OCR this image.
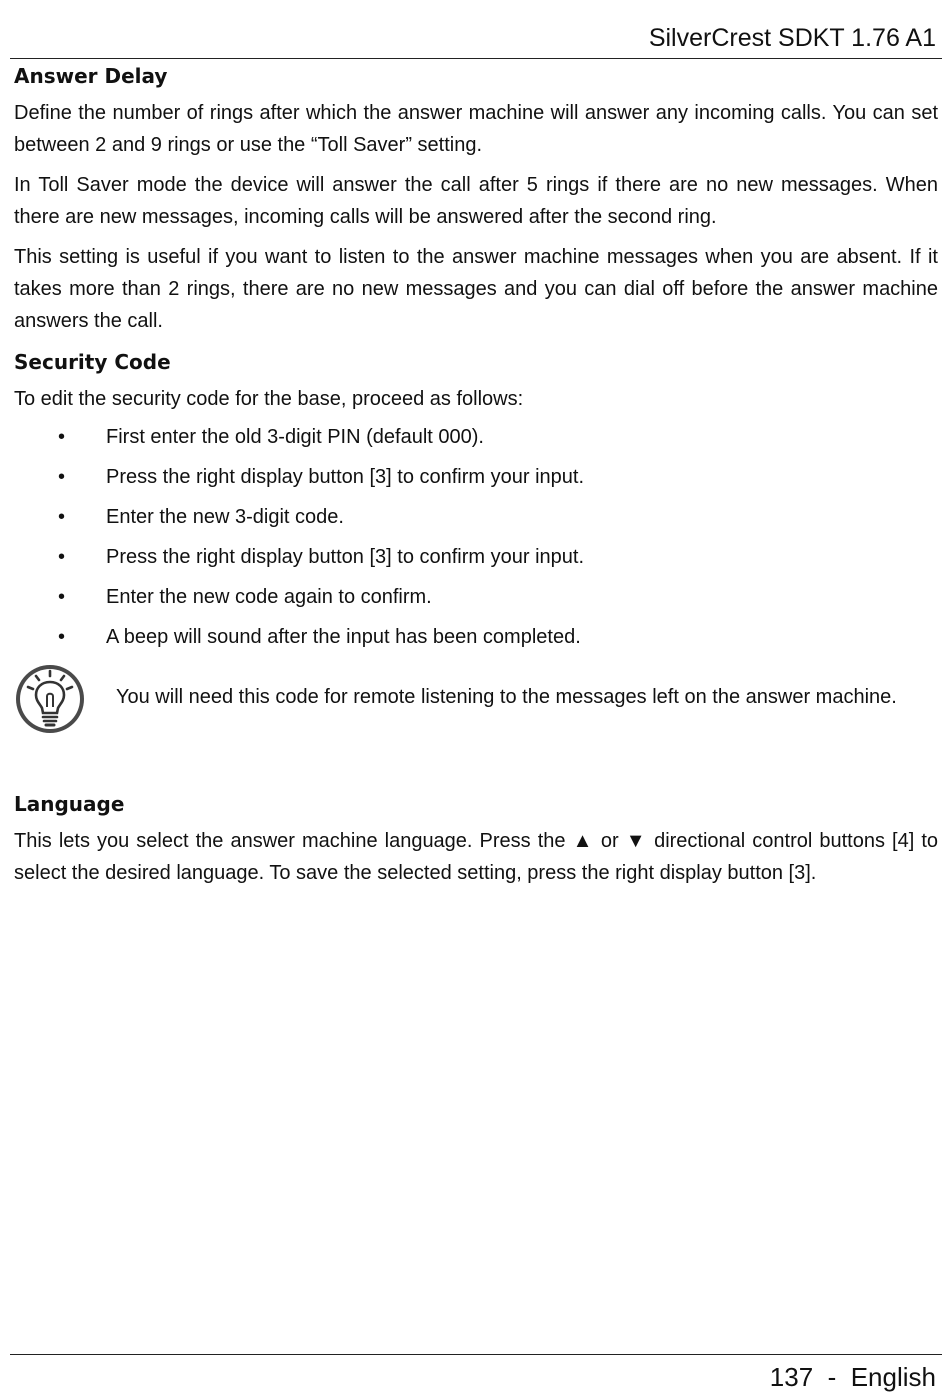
SilverCrest SDKT 1.76 A1
Answer Delay

Define the number of rings after which the answer machine will answer any incoming calls. You can set between 2 and 9 rings or use the “Toll Saver” setting.

In Toll Saver mode the device will answer the call after 5 rings if there are no new messages. When there are new messages, incoming calls will be answered after the second ring.

This setting is useful if you want to listen to the answer machine messages when you are absent. If it takes more than 2 rings, there are no new messages and you can dial off before the answer machine answers the call.

Security Code

To edit the security code for the base, proceed as follows:

• First enter the old 3-digit PIN (default 000).
• Press the right display button [3] to confirm your input.
• Enter the new 3-digit code.
• Press the right display button [3] to confirm your input.
• Enter the new code again to confirm.
• A beep will sound after the input has been completed.
You will need this code for remote listening to the messages left on the answer machine.
Language

This lets you select the answer machine language. Press the ▲ or ▼ directional control buttons [4] to select the desired language. To save the selected setting, press the right display button [3].

137  -  English
